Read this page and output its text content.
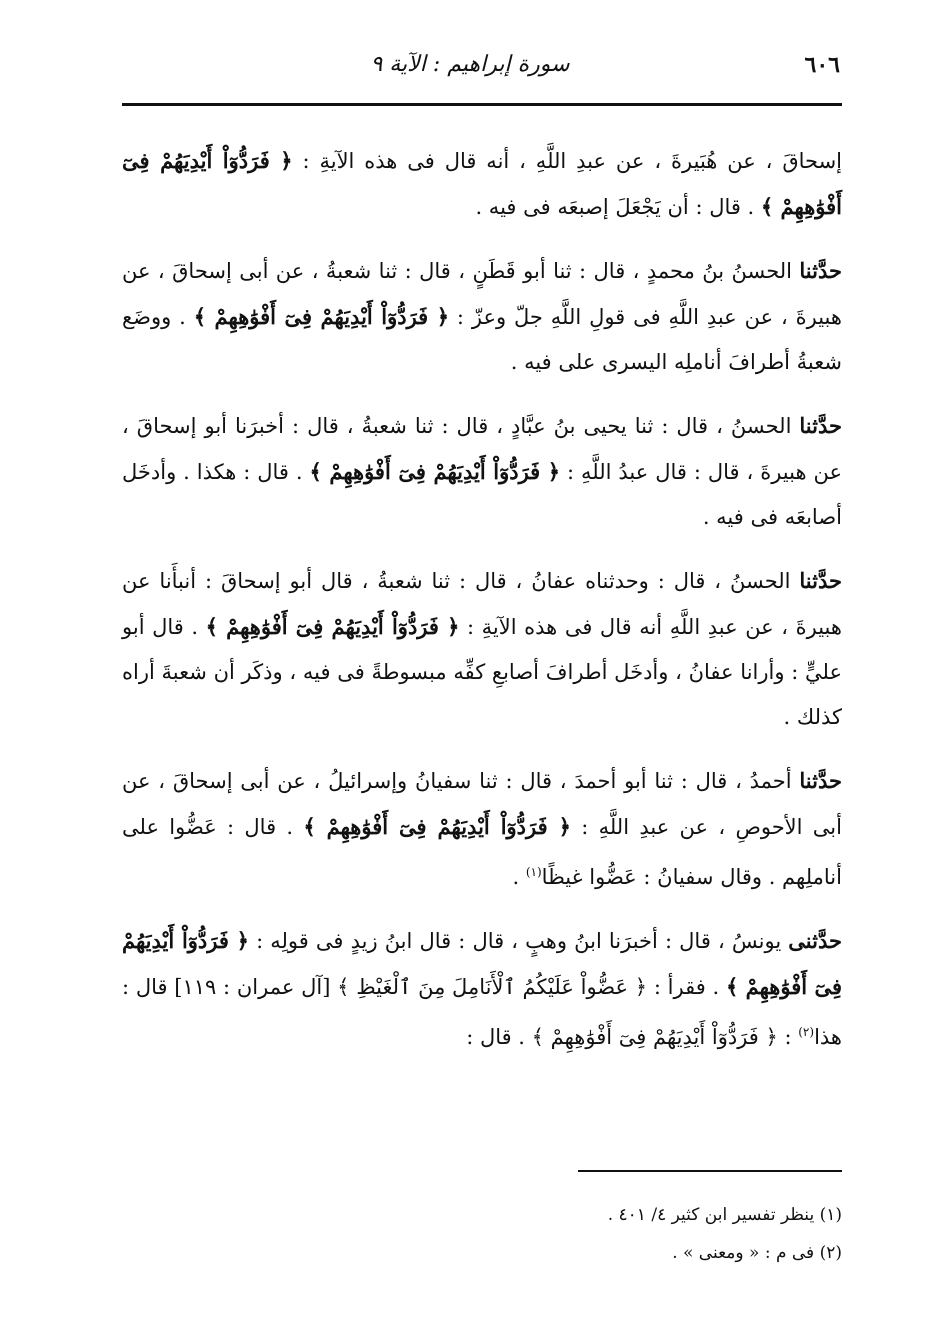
٦٠٦
سورة إبراهيم : الآية ٩

إسحاقَ ، عن هُبَيرةَ ، عن عبدِ اللَّهِ ، أنه قال فى هذه الآيةِ : ﴿ فَرَدُّوٓاْ أَيْدِيَهُمْ فِىٓ أَفْوَٰهِهِمْ ﴾ . قال : أن يَجْعَلَ إصبعَه فى فيه .

حدَّثنا الحسنُ بنُ محمدٍ ، قال : ثنا أبو قَطَنٍ ، قال : ثنا شعبةُ ، عن أبى إسحاقَ ، عن هبيرةَ ، عن عبدِ اللَّهِ فى قولِ اللَّهِ جلّ وعزّ : ﴿ فَرَدُّوٓاْ أَيْدِيَهُمْ فِىٓ أَفْوَٰهِهِمْ ﴾ . ووضَع شعبةُ أطرافَ أناملِه اليسرى على فيه .

حدَّثنا الحسنُ ، قال : ثنا يحيى بنُ عبَّادٍ ، قال : ثنا شعبةُ ، قال : أخبرَنا أبو إسحاقَ ، عن هبيرةَ ، قال : قال عبدُ اللَّهِ : ﴿ فَرَدُّوٓاْ أَيْدِيَهُمْ فِىٓ أَفْوَٰهِهِمْ ﴾ . قال : هكذا . وأدخَل أصابعَه فى فيه .

حدَّثنا الحسنُ ، قال : وحدثناه عفانُ ، قال : ثنا شعبةُ ، قال أبو إسحاقَ : أنبأَنا عن هبيرةَ ، عن عبدِ اللَّهِ أنه قال فى هذه الآيةِ : ﴿ فَرَدُّوٓاْ أَيْدِيَهُمْ فِىٓ أَفْوَٰهِهِمْ ﴾ . قال أبو عليٍّ : وأرانا عفانُ ، وأدخَل أطرافَ أصابعِ كفِّه مبسوطةً فى فيه ، وذكَر أن شعبةَ أراه كذلك .

حدَّثنا أحمدُ ، قال : ثنا أبو أحمدَ ، قال : ثنا سفيانُ وإسرائيلُ ، عن أبى إسحاقَ ، عن أبى الأحوصِ ، عن عبدِ اللَّهِ : ﴿ فَرَدُّوٓاْ أَيْدِيَهُمْ فِىٓ أَفْوَٰهِهِمْ ﴾ . قال : عَضُّوا على أناملِهم . وقال سفيانُ : عَضُّوا غيظًا$^{(١)}$ .

حدَّثنى يونسُ ، قال : أخبرَنا ابنُ وهبٍ ، قال : قال ابنُ زيدٍ فى قولِه : ﴿ فَرَدُّوٓاْ أَيْدِيَهُمْ فِىٓ أَفْوَٰهِهِمْ ﴾ . فقرأ : ﴿ عَضُّواْ عَلَيْكُمُ ٱلْأَنَامِلَ مِنَ ٱلْغَيْظِ ﴾ [آل عمران : ١١٩] قال : هذا$^{(٢)}$ : ﴿ فَرَدُّوٓاْ أَيْدِيَهُمْ فِىٓ أَفْوَٰهِهِمْ ﴾ . قال :

(١) ينظر تفسير ابن كثير ٤/ ٤٠١ .

(٢) فى م : « ومعنى » .
